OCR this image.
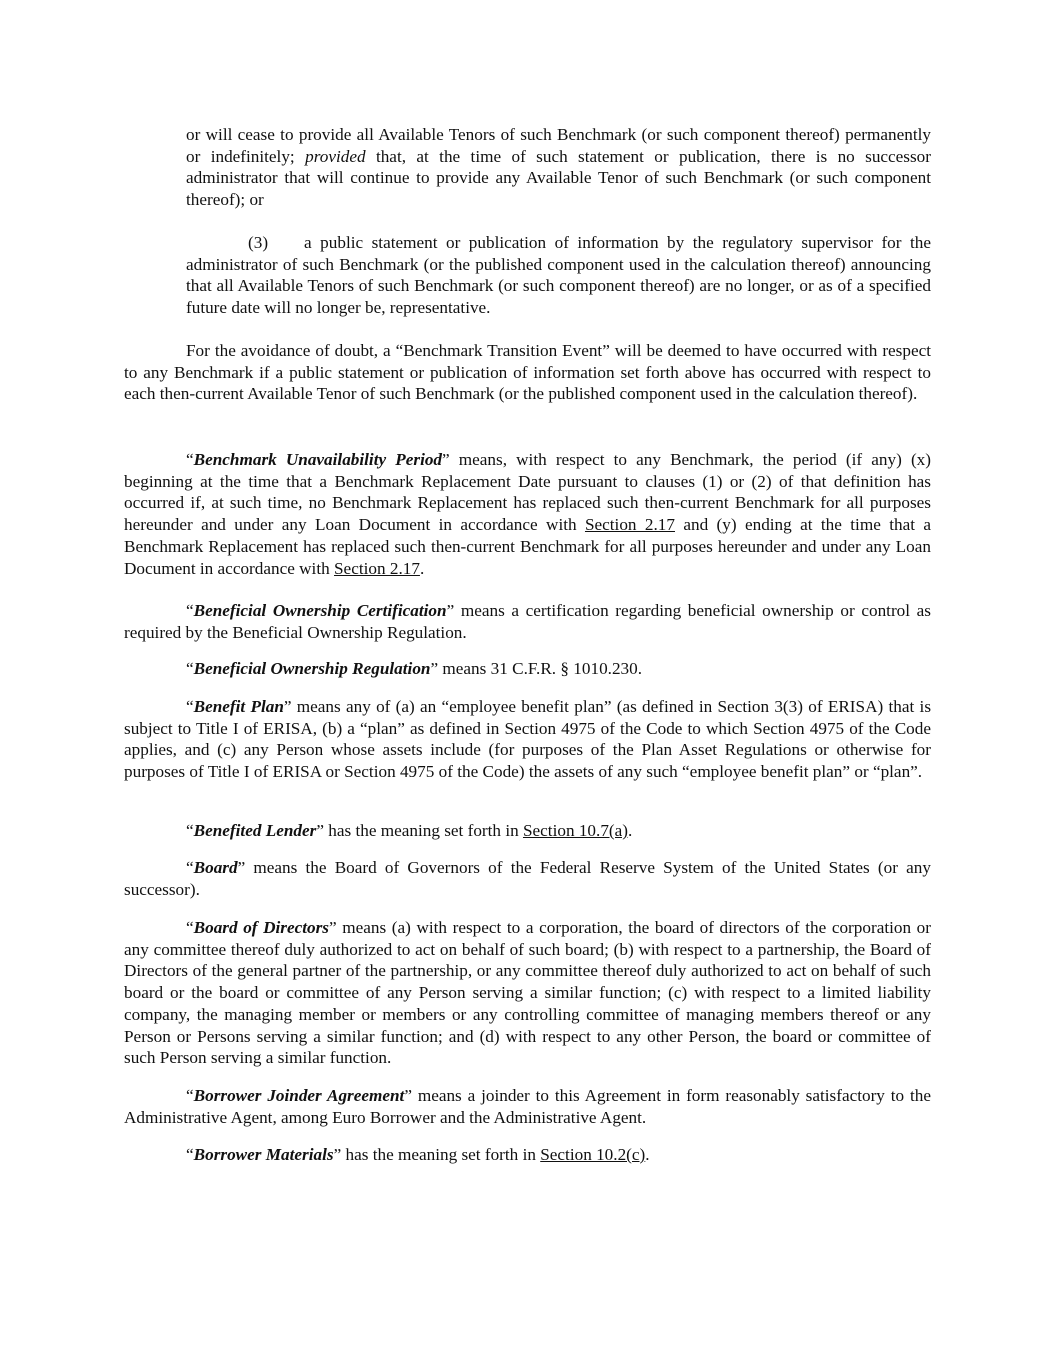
or will cease to provide all Available Tenors of such Benchmark (or such component thereof) permanently or indefinitely; provided that, at the time of such statement or publication, there is no successor administrator that will continue to provide any Available Tenor of such Benchmark (or such component thereof); or

(3) a public statement or publication of information by the regulatory supervisor for the administrator of such Benchmark (or the published component used in the calculation thereof) announcing that all Available Tenors of such Benchmark (or such component thereof) are no longer, or as of a specified future date will no longer be, representative.

For the avoidance of doubt, a “Benchmark Transition Event” will be deemed to have occurred with respect to any Benchmark if a public statement or publication of information set forth above has occurred with respect to each then-current Available Tenor of such Benchmark (or the published component used in the calculation thereof).

“Benchmark Unavailability Period” means, with respect to any Benchmark, the period (if any) (x) beginning at the time that a Benchmark Replacement Date pursuant to clauses (1) or (2) of that definition has occurred if, at such time, no Benchmark Replacement has replaced such then-current Benchmark for all purposes hereunder and under any Loan Document in accordance with Section 2.17 and (y) ending at the time that a Benchmark Replacement has replaced such then-current Benchmark for all purposes hereunder and under any Loan Document in accordance with Section 2.17.

“Beneficial Ownership Certification” means a certification regarding beneficial ownership or control as required by the Beneficial Ownership Regulation.

“Beneficial Ownership Regulation” means 31 C.F.R. § 1010.230.

“Benefit Plan” means any of (a) an “employee benefit plan” (as defined in Section 3(3) of ERISA) that is subject to Title I of ERISA, (b) a “plan” as defined in Section 4975 of the Code to which Section 4975 of the Code applies, and (c) any Person whose assets include (for purposes of the Plan Asset Regulations or otherwise for purposes of Title I of ERISA or Section 4975 of the Code) the assets of any such “employee benefit plan” or “plan”.

“Benefited Lender” has the meaning set forth in Section 10.7(a).

“Board” means the Board of Governors of the Federal Reserve System of the United States (or any successor).

“Board of Directors” means (a) with respect to a corporation, the board of directors of the corporation or any committee thereof duly authorized to act on behalf of such board; (b) with respect to a partnership, the Board of Directors of the general partner of the partnership, or any committee thereof duly authorized to act on behalf of such board or the board or committee of any Person serving a similar function; (c) with respect to a limited liability company, the managing member or members or any controlling committee of managing members thereof or any Person or Persons serving a similar function; and (d) with respect to any other Person, the board or committee of such Person serving a similar function.

“Borrower Joinder Agreement” means a joinder to this Agreement in form reasonably satisfactory to the Administrative Agent, among Euro Borrower and the Administrative Agent.

“Borrower Materials” has the meaning set forth in Section 10.2(c).
